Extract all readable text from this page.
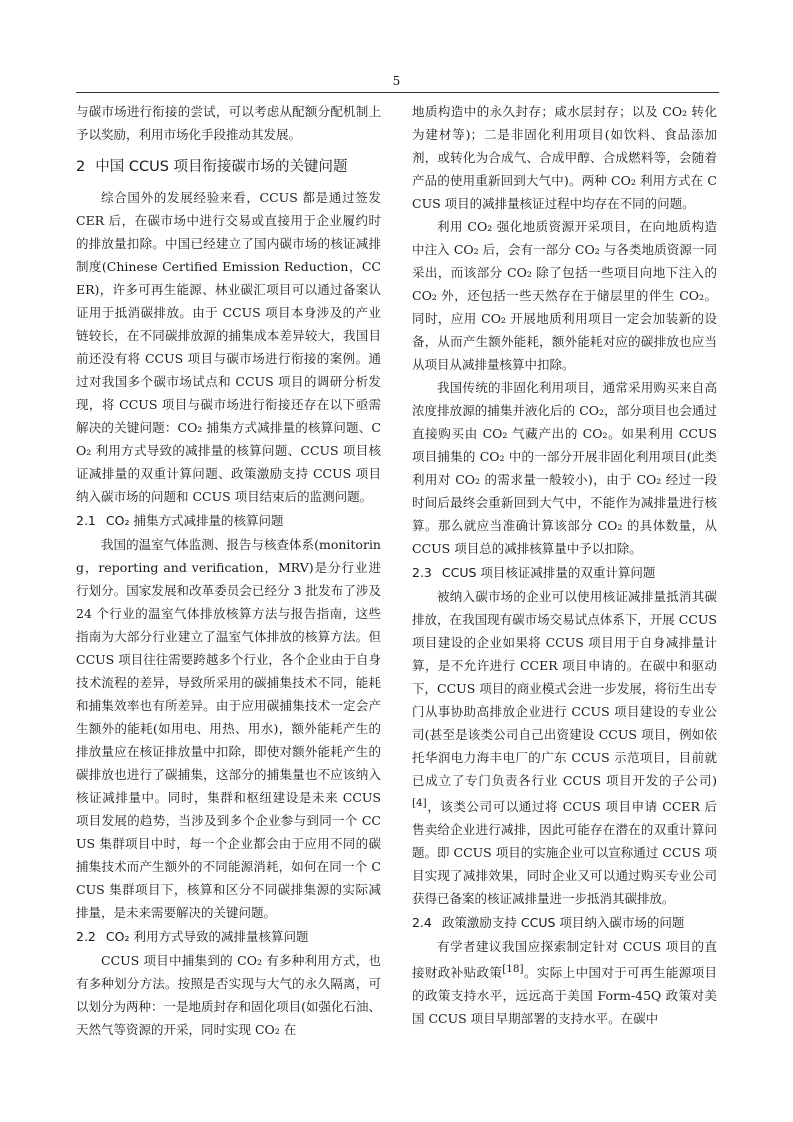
5

与碳市场进行衔接的尝试，可以考虑从配额分配机制上予以奖励，利用市场化手段推动其发展。

2 中国 CCUS 项目衔接碳市场的关键问题

综合国外的发展经验来看，CCUS 都是通过签发 CER 后，在碳市场中进行交易或直接用于企业履约时的排放量扣除。中国已经建立了国内碳市场的核证减排制度(Chinese Certified Emission Reduction，CCER)，许多可再生能源、林业碳汇项目可以通过备案认证用于抵消碳排放。由于 CCUS 项目本身涉及的产业链较长，在不同碳排放源的捕集成本差异较大，我国目前还没有将 CCUS 项目与碳市场进行衔接的案例。通过对我国多个碳市场试点和 CCUS 项目的调研分析发现，将 CCUS 项目与碳市场进行衔接还存在以下亟需解决的关键问题：CO₂ 捕集方式减排量的核算问题、CO₂ 利用方式导致的减排量的核算问题、CCUS 项目核证减排量的双重计算问题、政策激励支持 CCUS 项目纳入碳市场的问题和 CCUS 项目结束后的监测问题。

2.1 CO₂ 捕集方式减排量的核算问题

我国的温室气体监测、报告与核查体系(monitoring，reporting and verification，MRV)是分行业进行划分。国家发展和改革委员会已经分 3 批发布了涉及 24 个行业的温室气体排放核算方法与报告指南，这些指南为大部分行业建立了温室气体排放的核算方法。但 CCUS 项目往往需要跨越多个行业，各个企业由于自身技术流程的差异，导致所采用的碳捕集技术不同，能耗和捕集效率也有所差异。由于应用碳捕集技术一定会产生额外的能耗(如用电、用热、用水)，额外能耗产生的排放量应在核证排放量中扣除，即使对额外能耗产生的碳排放也进行了碳捕集，这部分的捕集量也不应该纳入核证减排量中。同时，集群和枢纽建设是未来 CCUS 项目发展的趋势，当涉及到多个企业参与到同一个 CCUS 集群项目中时，每一个企业都会由于应用不同的碳捕集技术而产生额外的不同能源消耗，如何在同一个 CCUS 集群项目下，核算和区分不同碳排集源的实际减排量，是未来需要解决的关键问题。

2.2 CO₂ 利用方式导致的减排量核算问题

CCUS 项目中捕集到的 CO₂ 有多种利用方式，也有多种划分方法。按照是否实现与大气的永久隔离，可以划分为两种：一是地质封存和固化项目(如强化石油、天然气等资源的开采，同时实现 CO₂ 在

地质构造中的永久封存；咸水层封存；以及 CO₂ 转化为建材等)；二是非固化利用项目(如饮料、食品添加剂，或转化为合成气、合成甲醇、合成燃料等，会随着产品的使用重新回到大气中)。两种 CO₂ 利用方式在 CCUS 项目的减排量核证过程中均存在不同的问题。

利用 CO₂ 强化地质资源开采项目，在向地质构造中注入 CO₂ 后，会有一部分 CO₂ 与各类地质资源一同采出，而该部分 CO₂ 除了包括一些项目向地下注入的 CO₂ 外，还包括一些天然存在于储层里的伴生 CO₂。同时，应用 CO₂ 开展地质利用项目一定会加装新的设备，从而产生额外能耗，额外能耗对应的碳排放也应当从项目从减排量核算中扣除。

我国传统的非固化利用项目，通常采用购买来自高浓度排放源的捕集并液化后的 CO₂，部分项目也会通过直接购买由 CO₂ 气藏产出的 CO₂。如果利用 CCUS 项目捕集的 CO₂ 中的一部分开展非固化利用项目(此类利用对 CO₂ 的需求量一般较小)，由于 CO₂ 经过一段时间后最终会重新回到大气中，不能作为减排量进行核算。那么就应当准确计算该部分 CO₂ 的具体数量，从 CCUS 项目总的减排核算量中予以扣除。

2.3 CCUS 项目核证减排量的双重计算问题

被纳入碳市场的企业可以使用核证减排量抵消其碳排放，在我国现有碳市场交易试点体系下，开展 CCUS 项目建设的企业如果将 CCUS 项目用于自身减排量计算，是不允许进行 CCER 项目申请的。在碳中和驱动下，CCUS 项目的商业模式会进一步发展，将衍生出专门从事协助高排放企业进行 CCUS 项目建设的专业公司(甚至是该类公司自己出资建设 CCUS 项目，例如依托华润电力海丰电厂的广东 CCUS 示范项目，目前就已成立了专门负责各行业 CCUS 项目开发的子公司)[4]，该类公司可以通过将 CCUS 项目申请 CCER 后售卖给企业进行减排，因此可能存在潜在的双重计算问题。即 CCUS 项目的实施企业可以宣称通过 CCUS 项目实现了减排效果，同时企业又可以通过购买专业公司获得已备案的核证减排量进一步抵消其碳排放。

2.4 政策激励支持 CCUS 项目纳入碳市场的问题

有学者建议我国应探索制定针对 CCUS 项目的直接财政补贴政策[18]。实际上中国对于可再生能源项目的政策支持水平，远远高于美国 Form-45Q 政策对美国 CCUS 项目早期部署的支持水平。在碳中
